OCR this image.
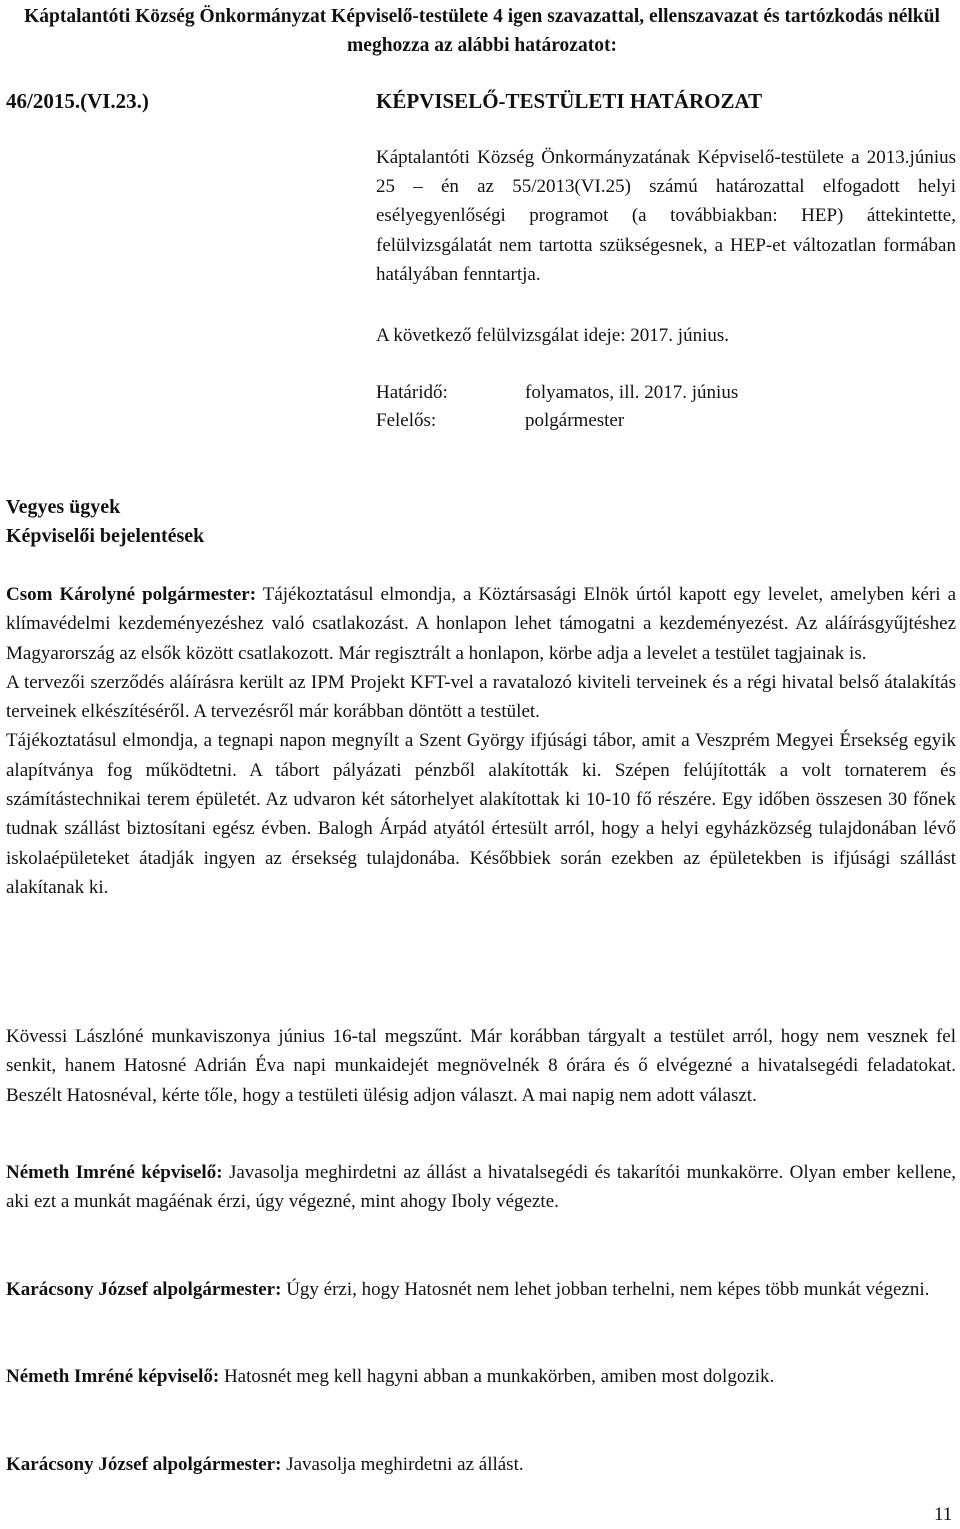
Káptalantóti Község Önkormányzat Képviselő-testülete 4 igen szavazattal, ellenszavazat és tartózkodás nélkül meghozza az alábbi határozatot:
46/2015.(VI.23.)	KÉPVISELŐ-TESTÜLETI HATÁROZAT

Káptalantóti Község Önkormányzatának Képviselő-testülete a 2013.június 25 – én az 55/2013(VI.25) számú határozattal elfogadott helyi esélyegyenlőségi programot (a továbbiakban: HEP) áttekintette, felülvizsgálatát nem tartotta szükségesnek, a HEP-et változatlan formában hatályában fenntartja.

A következő felülvizsgálat ideje: 2017. június.
Határidő:	folyamatos, ill. 2017. június
Felelős:	polgármester
Vegyes ügyek
Képviselői bejelentések

Csom Károlyné polgármester: Tájékoztatásul elmondja, a Köztársasági Elnök úrtól kapott egy levelet, amelyben kéri a klímavédelmi kezdeményezéshez való csatlakozást. A honlapon lehet támogatni a kezdeményezést. Az aláírásgyűjtéshez Magyarország az elsők között csatlakozott. Már regisztrált a honlapon, körbe adja a levelet a testület tagjainak is.

A tervezői szerződés aláírásra került az IPM Projekt KFT-vel a ravatalozó kiviteli terveinek és a régi hivatal belső átalakítás terveinek elkészítéséről. A tervezésről már korábban döntött a testület.

Tájékoztatásul elmondja, a tegnapi napon megnyílt a Szent György ifjúsági tábor, amit a Veszprém Megyei Érsekség egyik alapítványa fog működtetni. A tábort pályázati pénzből alakították ki. Szépen felújították a volt tornaterem és számítástechnikai terem épületét. Az udvaron két sátorhelyet alakítottak ki 10-10 fő részére. Egy időben összesen 30 főnek tudnak szállást biztosítani egész évben. Balogh Árpád atyától értesült arról, hogy a helyi egyházközség tulajdonában lévő iskolaépületeket átadják ingyen az érsekség tulajdonába. Későbbiek során ezekben az épületekben is ifjúsági szállást alakítanak ki.

Kövessi Lászlóné munkaviszonya június 16-tal megszűnt. Már korábban tárgyalt a testület arról, hogy nem vesznek fel senkit, hanem Hatosné Adrián Éva napi munkaidejét megnövelnék 8 órára és ő elvégezné a hivatalsegédi feladatokat. Beszélt Hatosnéval, kérte tőle, hogy a testületi ülésig adjon választ. A mai napig nem adott választ.

Németh Imréné képviselő: Javasolja meghirdetni az állást a hivatalsegédi és takarítói munkakörre. Olyan ember kellene, aki ezt a munkát magáénak érzi, úgy végezné, mint ahogy Iboly végezte.

Karácsony József alpolgármester: Úgy érzi, hogy Hatosnét nem lehet jobban terhelni, nem képes több munkát végezni.

Németh Imréné képviselő: Hatosnét meg kell hagyni abban a munkakörben, amiben most dolgozik.

Karácsony József alpolgármester: Javasolja meghirdetni az állást.

11
